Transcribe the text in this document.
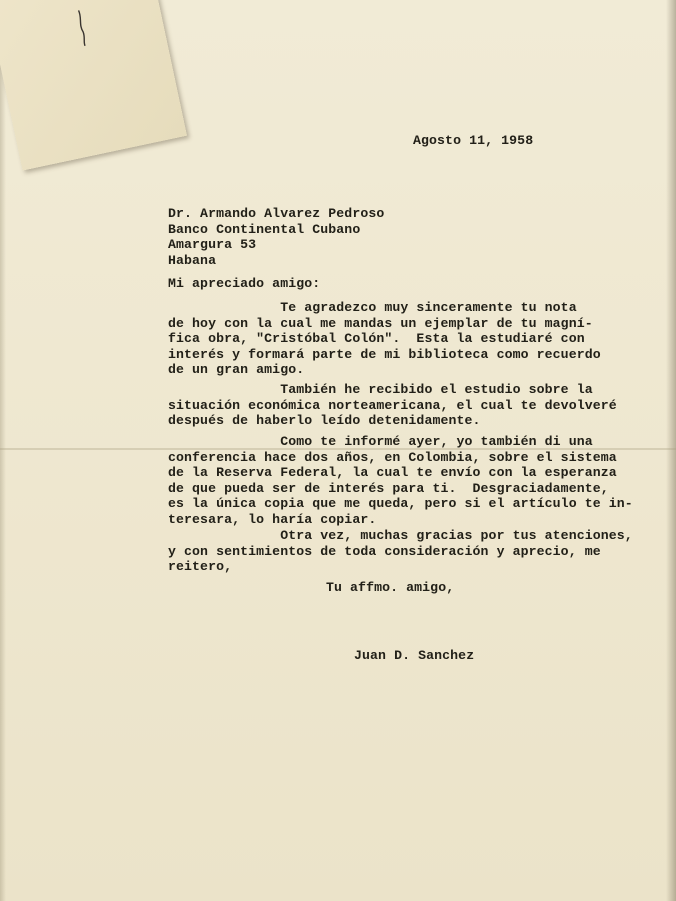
Agosto 11, 1958
Dr. Armando Alvarez Pedroso
Banco Continental Cubano
Amargura 53
Habana
Mi apreciado amigo:
Te agradezco muy sinceramente tu nota
de hoy con la cual me mandas un ejemplar de tu magní-
fica obra, "Cristóbal Colón".  Esta la estudiaré con
interés y formará parte de mi biblioteca como recuerdo
de un gran amigo.
También he recibido el estudio sobre la
situación económica norteamericana, el cual te devolveré
después de haberlo leído detenidamente.
Como te informé ayer, yo también di una
conferencia hace dos años, en Colombia, sobre el sistema
de la Reserva Federal, la cual te envío con la esperanza
de que pueda ser de interés para ti.  Desgraciadamente,
es la única copia que me queda, pero si el artículo te in-
teresara, lo haría copiar.
Otra vez, muchas gracias por tus atenciones,
y con sentimientos de toda consideración y aprecio, me
reitero,
Tu affmo. amigo,
Juan D. Sanchez
